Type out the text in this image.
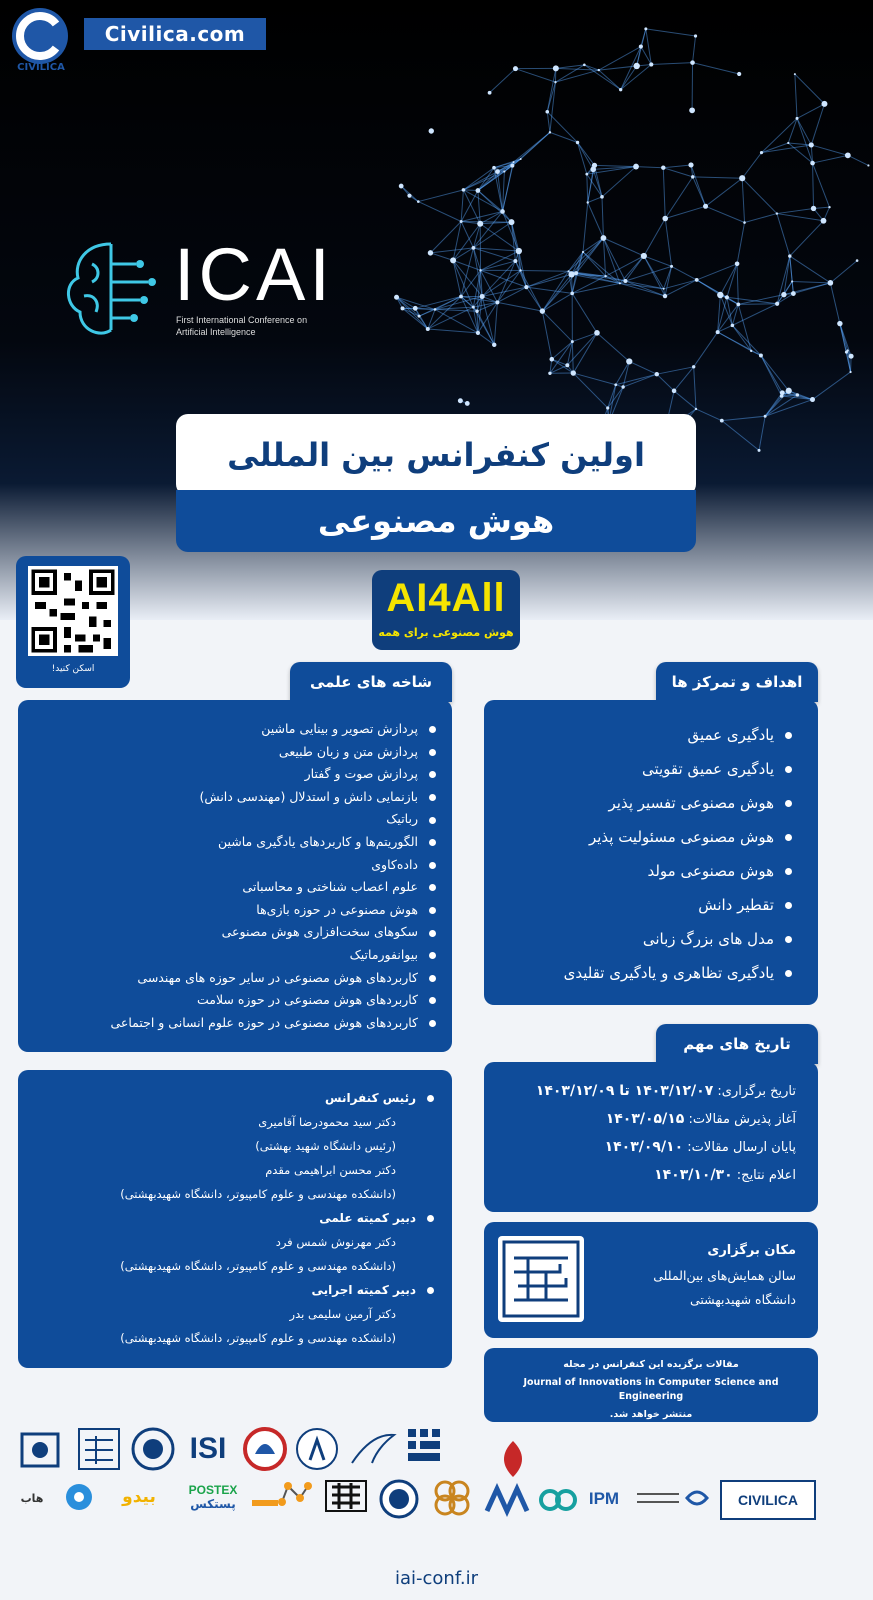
Civilica.com
CIVILICA
ICAI
First International Conference on
Artificial Intelligence
اولین کنفرانس بین المللی
هوش مصنوعی
AI4All
هوش مصنوعی برای همه
اسکن کنید!
اهداف و تمرکز ها
یادگیری عمیق
یادگیری عمیق تقویتی
هوش مصنوعی تفسیر پذیر
هوش مصنوعی مسئولیت پذیر
هوش مصنوعی مولد
تقطیر دانش
مدل های بزرگ زبانی
یادگیری تظاهری و یادگیری تقلیدی
شاخه های علمی
پردازش تصویر و بینایی ماشین
پردازش متن و زبان طبیعی
پردازش صوت و گفتار
بازنمایی دانش و استدلال (مهندسی دانش)
رباتیک
الگوریتم‌ها و کاربردهای یادگیری ماشین
داده‌کاوی
علوم اعصاب شناختی و محاسباتی
هوش مصنوعی در حوزه بازی‌ها
سکوهای سخت‌افزاری هوش مصنوعی
بیوانفورماتیک
کاربردهای هوش مصنوعی در سایر حوزه های مهندسی
کاربردهای هوش مصنوعی در حوزه سلامت
کاربردهای هوش مصنوعی در حوزه علوم انسانی و اجتماعی
تاریخ های مهم
تاریخ برگزاری: ۱۴۰۳/۱۲/۰۷ تا ۱۴۰۳/۱۲/۰۹
آغاز پذیرش مقالات: ۱۴۰۳/۰۵/۱۵
پایان ارسال مقالات: ۱۴۰۳/۰۹/۱۰
اعلام نتایج: ۱۴۰۳/۱۰/۳۰
مکان برگزاری
سالن همایش‌های بین‌المللی
دانشگاه شهیدبهشتی
رئیس کنفرانس
دکتر سید محمودرضا آقامیری
(رئیس دانشگاه شهید بهشتی)
دکتر محسن ابراهیمی مقدم
(دانشکده مهندسی و علوم کامپیوتر، دانشگاه شهیدبهشتی)
دبیر کمیته علمی
دکتر مهرنوش شمس فرد
(دانشکده مهندسی و علوم کامپیوتر، دانشگاه شهیدبهشتی)
دبیر کمیته اجرایی
دکتر آرمین سلیمی بدر
(دانشکده مهندسی و علوم کامپیوتر، دانشگاه شهیدبهشتی)
مقالات برگزیده این کنفرانس در مجله
Journal of Innovations in Computer Science and Engineering
منتشر خواهد شد.
ISI
هاب	بیدو	POSTEX
پستکس	IPM	CIVILICA
iai-conf.ir
